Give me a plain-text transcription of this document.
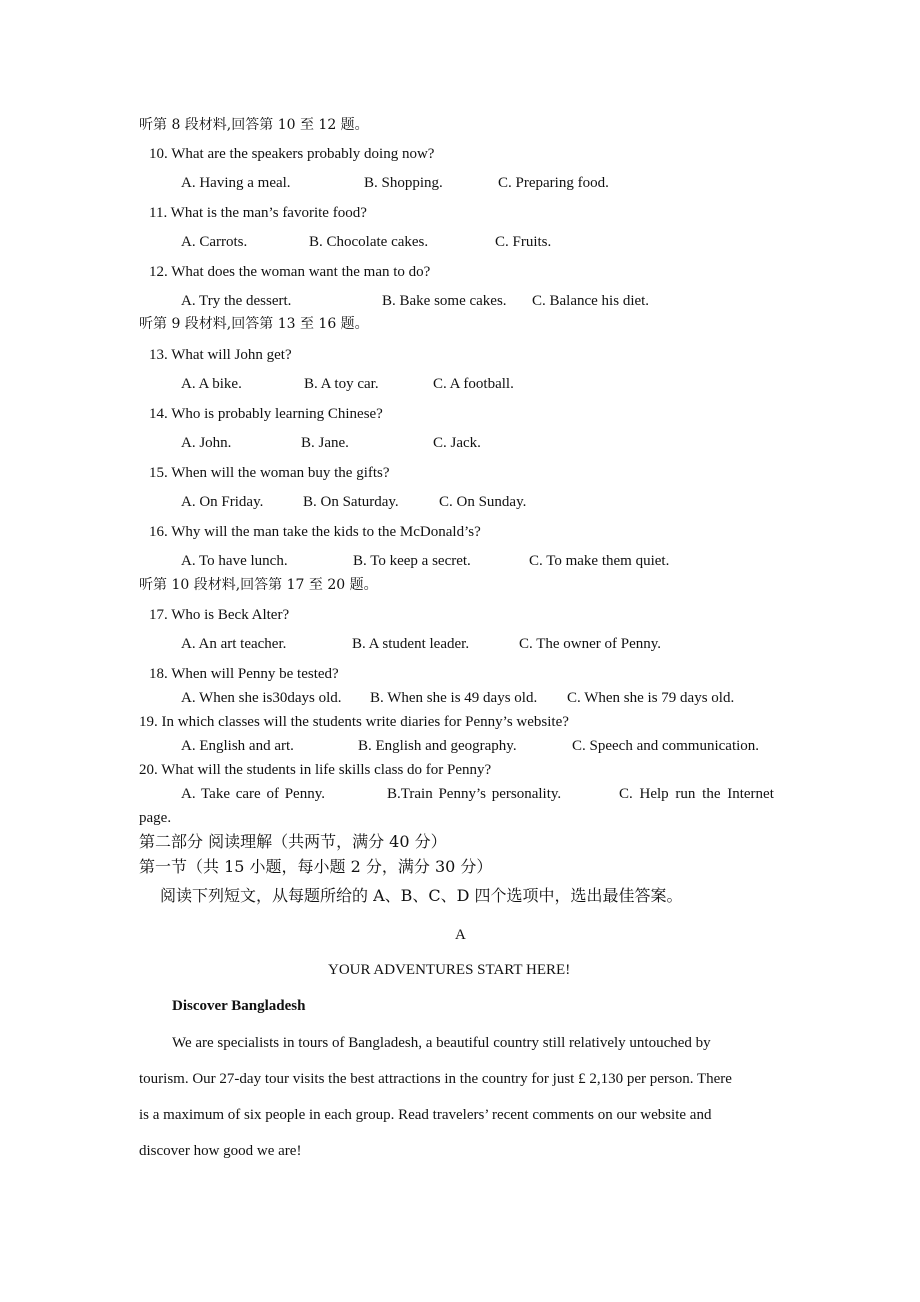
听第 8 段材料,回答第 10 至 12 题。
10. What are the speakers probably doing now?
A. Having a meal.	B. Shopping.	C. Preparing food.
11. What is the man’s favorite food?
A. Carrots.	B. Chocolate cakes.	C. Fruits.
12. What does the woman want the man to do?
A. Try the dessert.	B. Bake some cakes. C. Balance his diet.
听第 9 段材料,回答第 13 至 16 题。
13. What will John get?
A. A bike.	B. A toy car.	C. A football.
14. Who is probably learning Chinese?
A. John.	B. Jane.	C. Jack.
15. When will the woman buy the gifts?
A. On Friday.	B. On Saturday.	C. On Sunday.
16. Why will the man take the kids to the McDonald’s?
A. To have lunch.	B. To keep a secret.	C. To make them quiet.
听第 10 段材料,回答第 17 至 20 题。
17. Who is Beck Alter?
A. An art teacher.	B. A student leader.	C. The owner of Penny.
18. When will Penny be tested?
A. When she is30days old. B. When she is 49 days old. C. When she is 79 days old.
19. In which classes will the students write diaries for Penny’s website?
A. English and art.	B. English and geography.	C. Speech and communication.
20. What will the students in life skills class do for Penny?
A. Take care of Penny.	B.Train Penny’s personality.	C. Help run the Internet
page.
第二部分 阅读理解（共两节，满分 40 分）
第一节（共 15 小题，每小题 2 分，满分 30 分）
阅读下列短文，从每题所给的 A、B、C、D 四个选项中，选出最佳答案。
A
YOUR ADVENTURES START HERE!
Discover Bangladesh
We are specialists in tours of Bangladesh, a beautiful country still relatively untouched by
tourism. Our 27-day tour visits the best attractions in the country for just £ 2,130 per person. There
is a maximum of six people in each group. Read travelers’ recent comments on our website and
discover how good we are!
